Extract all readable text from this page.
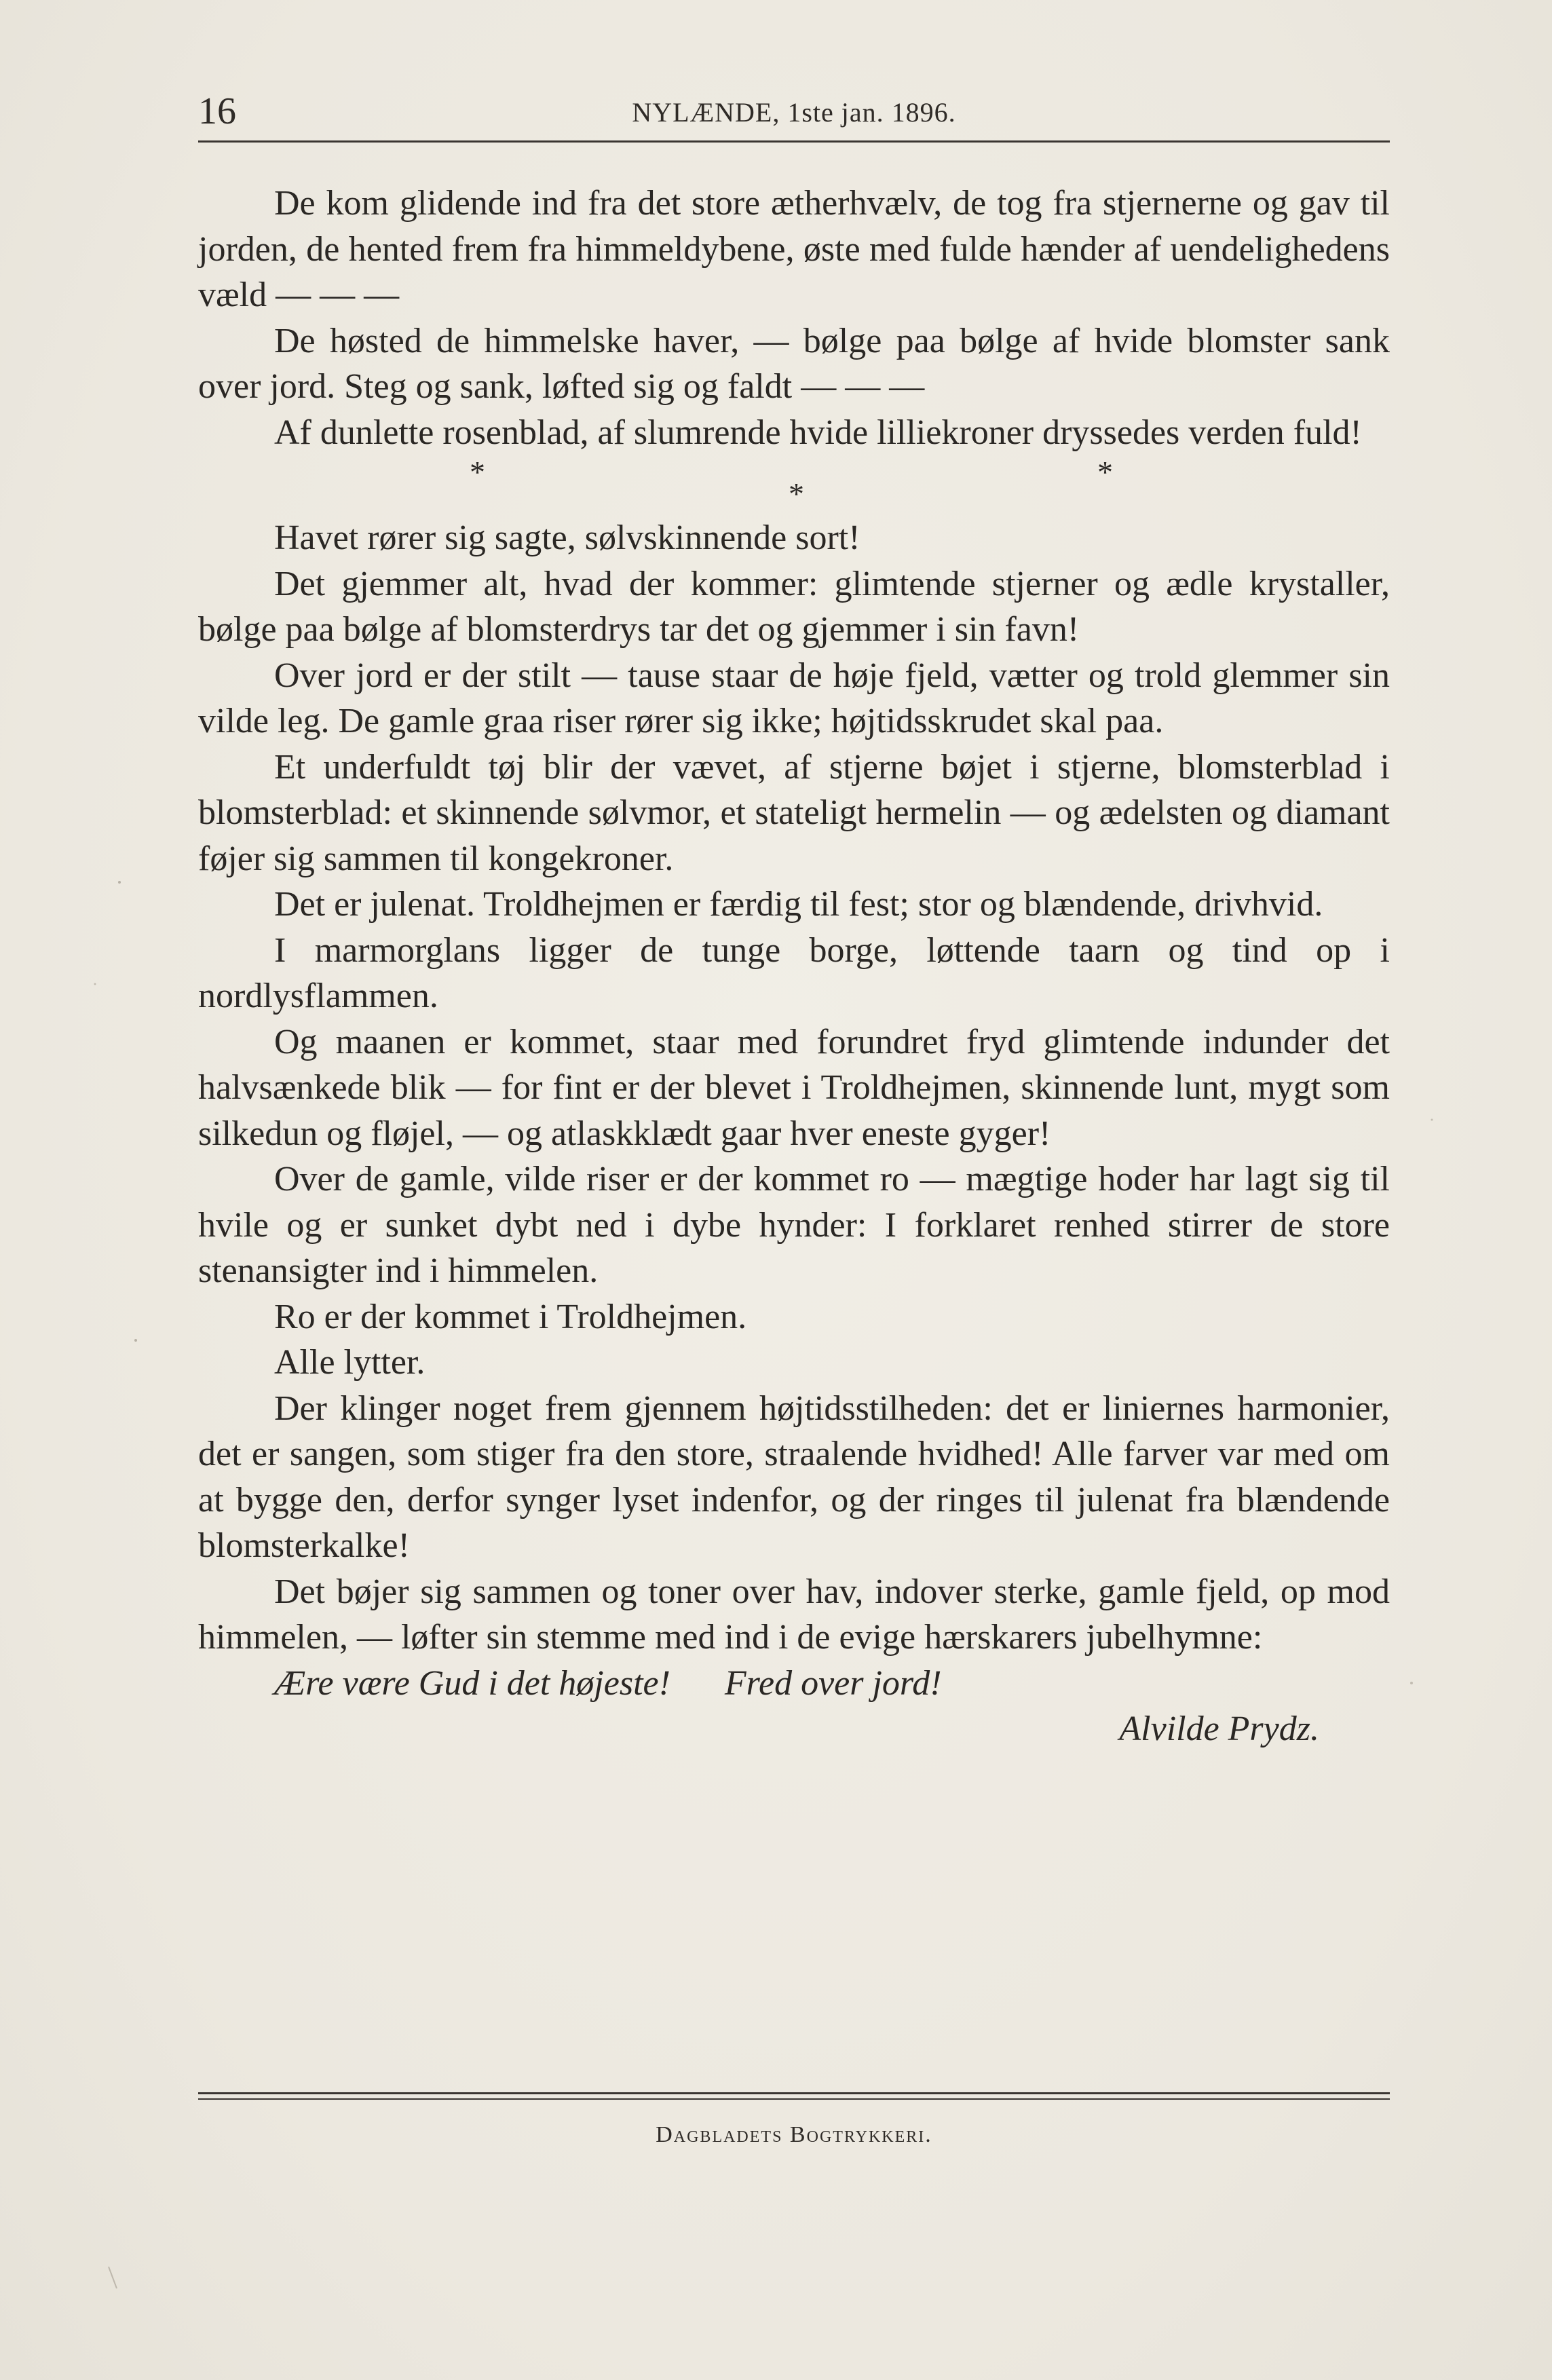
16	NYLÆNDE, 1ste jan. 1896.

De kom glidende ind fra det store ætherhvælv, de tog fra stjernerne og gav til jorden, de hented frem fra himmeldybene, øste med fulde hænder af uendelighedens væld — — —

De høsted de himmelske haver, — bølge paa bølge af hvide blomster sank over jord. Steg og sank, løfted sig og faldt — — —

Af dunlette rosenblad, af slumrende hvide lilliekroner dryssedes verden fuld!

*
*
*

Havet rører sig sagte, sølvskinnende sort!

Det gjemmer alt, hvad der kommer: glimtende stjerner og ædle krystaller, bølge paa bølge af blomsterdrys tar det og gjemmer i sin favn!

Over jord er der stilt — tause staar de høje fjeld, vætter og trold glemmer sin vilde leg. De gamle graa riser rører sig ikke; højtidsskrudet skal paa.

Et underfuldt tøj blir der vævet, af stjerne bøjet i stjerne, blomsterblad i blomsterblad: et skinnende sølvmor, et stateligt hermelin — og ædelsten og diamant føjer sig sammen til kongekroner.

Det er julenat. Troldhejmen er færdig til fest; stor og blændende, drivhvid.

I marmorglans ligger de tunge borge, løttende taarn og tind op i nordlysflammen.

Og maanen er kommet, staar med forundret fryd glimtende indunder det halvsænkede blik — for fint er der blevet i Troldhejmen, skinnende lunt, mygt som silkedun og fløjel, — og atlaskklædt gaar hver eneste gyger!

Over de gamle, vilde riser er der kommet ro — mægtige hoder har lagt sig til hvile og er sunket dybt ned i dybe hynder: I forklaret renhed stirrer de store stenansigter ind i himmelen.

Ro er der kommet i Troldhejmen.

Alle lytter.

Der klinger noget frem gjennem højtidsstilheden: det er liniernes harmonier, det er sangen, som stiger fra den store, straalende hvidhed! Alle farver var med om at bygge den, derfor synger lyset indenfor, og der ringes til julenat fra blændende blomsterkalke!

Det bøjer sig sammen og toner over hav, indover sterke, gamle fjeld, op mod himmelen, — løfter sin stemme med ind i de evige hærskarers jubelhymne:

Ære være Gud i det højeste! Fred over jord!

Alvilde Prydz.

Dagbladets Bogtrykkeri.
